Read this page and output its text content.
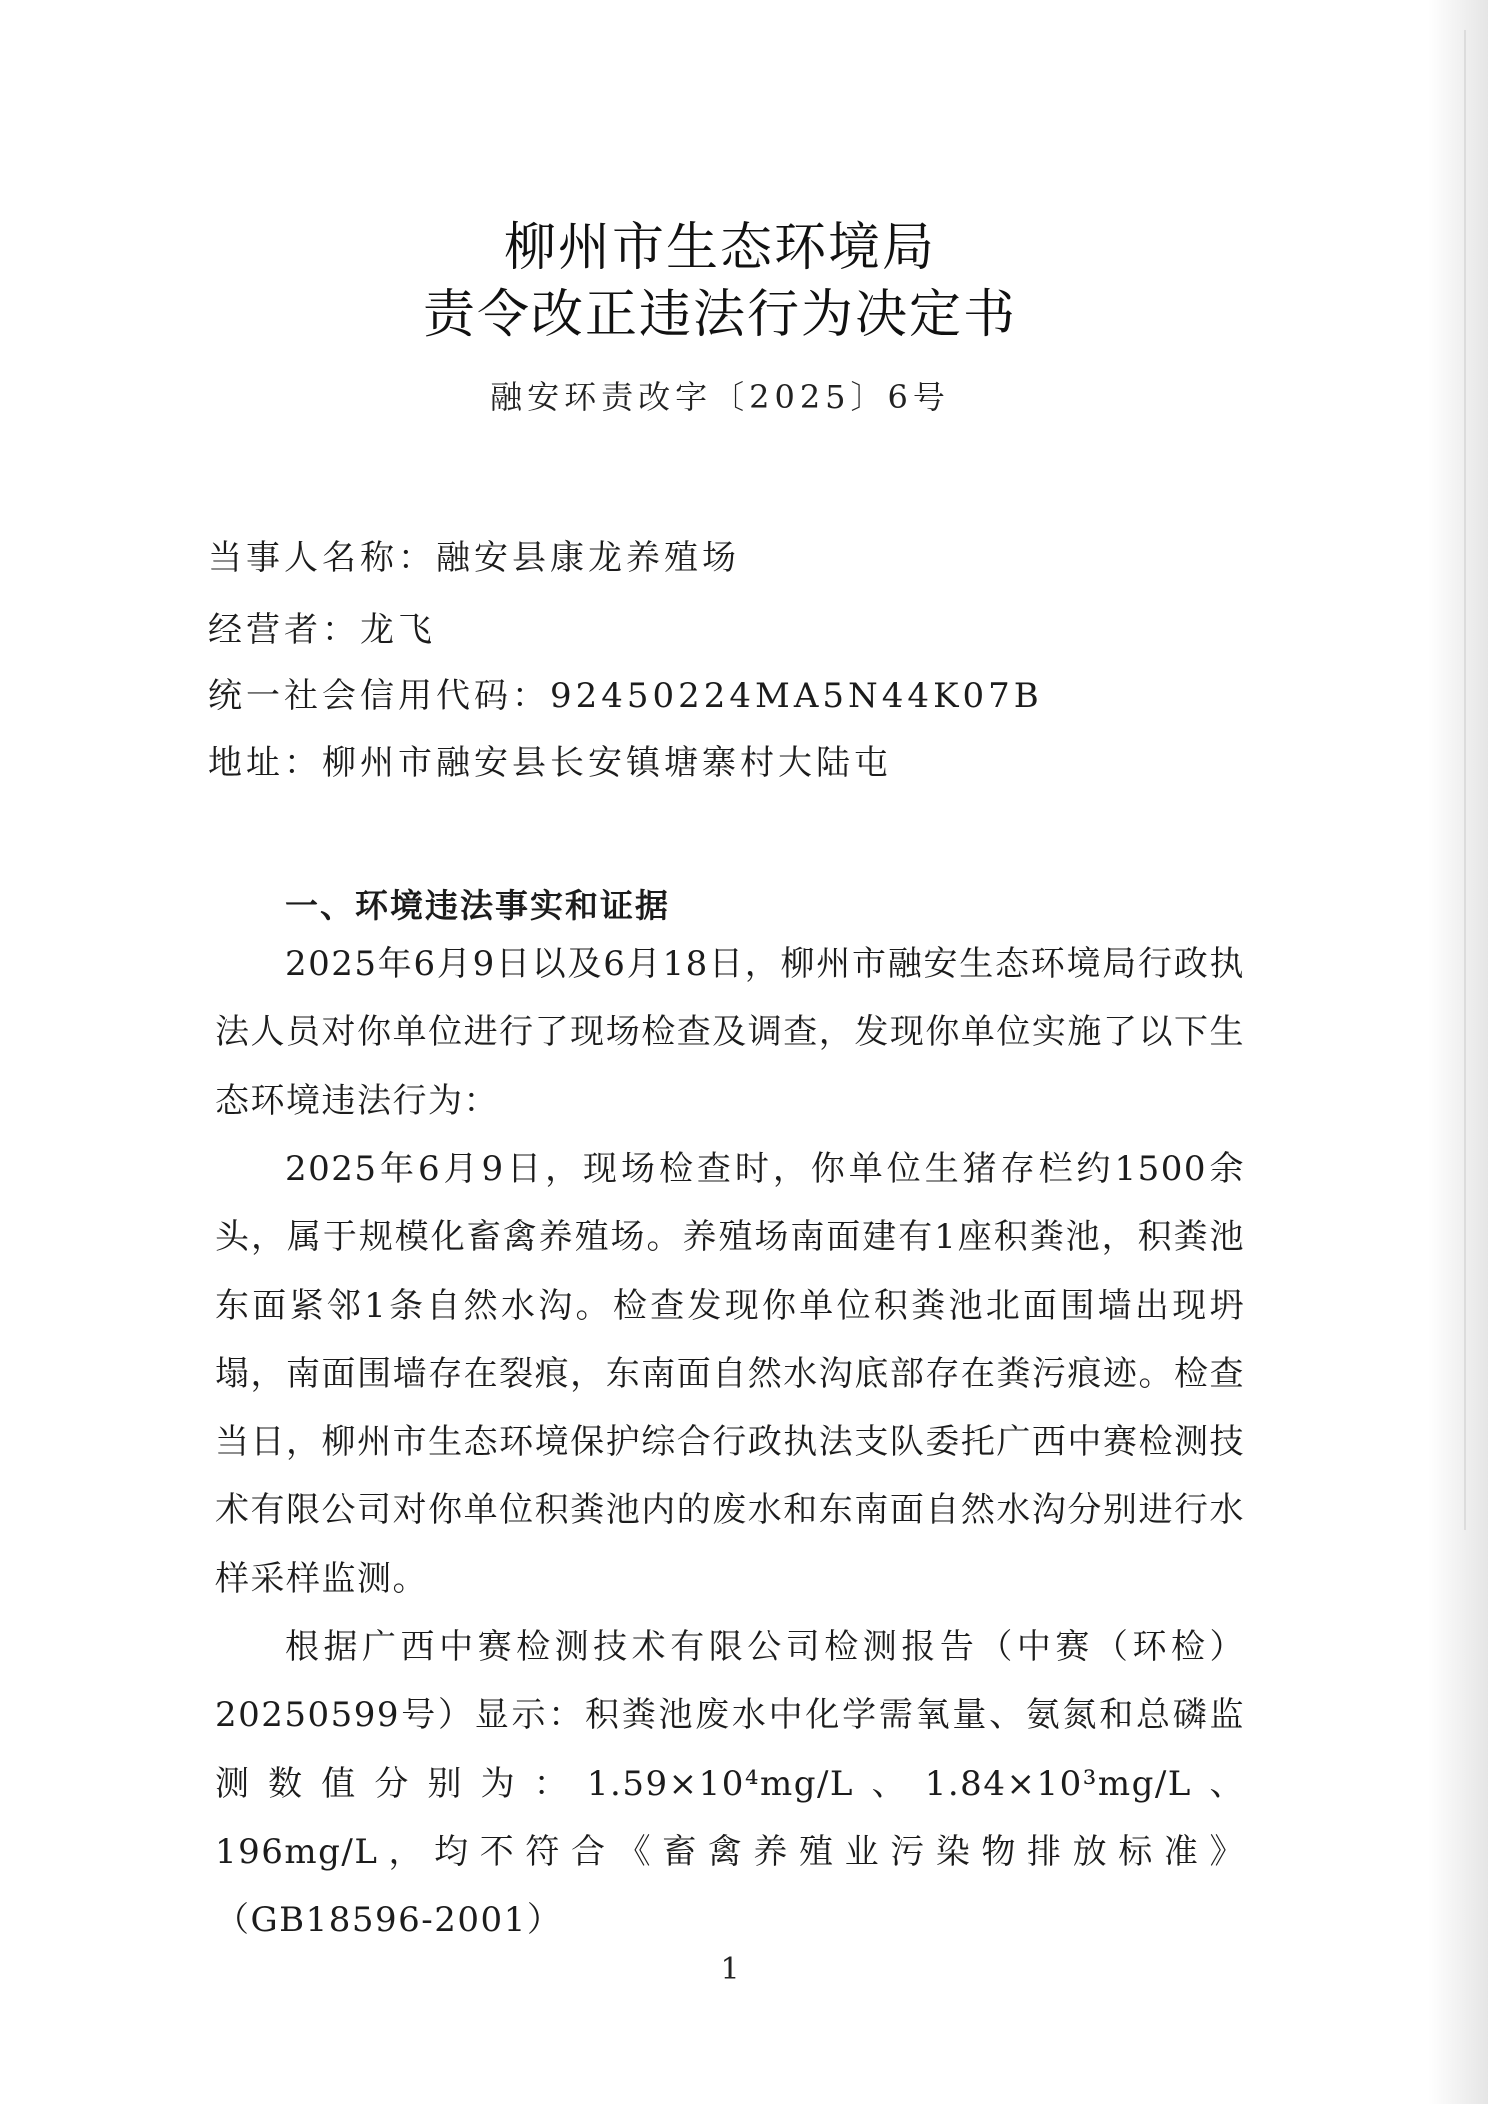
柳州市生态环境局
责令改正违法行为决定书
融安环责改字〔2025〕6号
当事人名称：融安县康龙养殖场
经营者：龙飞
统一社会信用代码：92450224MA5N44K07B
地址：柳州市融安县长安镇塘寨村大陆屯
一、环境违法事实和证据

2025年6月9日以及6月18日，柳州市融安生态环境局行政执法人员对你单位进行了现场检查及调查，发现你单位实施了以下生态环境违法行为：

2025年6月9日，现场检查时，你单位生猪存栏约1500余头，属于规模化畜禽养殖场。养殖场南面建有1座积粪池，积粪池东面紧邻1条自然水沟。检查发现你单位积粪池北面围墙出现坍塌，南面围墙存在裂痕，东南面自然水沟底部存在粪污痕迹。检查当日，柳州市生态环境保护综合行政执法支队委托广西中赛检测技术有限公司对你单位积粪池内的废水和东南面自然水沟分别进行水样采样监测。

根据广西中赛检测技术有限公司检测报告（中赛（环检）20250599号）显示：积粪池废水中化学需氧量、氨氮和总磷监测数值分别为：1.59×10⁴mg/L、1.84×10³mg/L、196mg/L，均不符合《畜禽养殖业污染物排放标准》（GB18596-2001）

1
